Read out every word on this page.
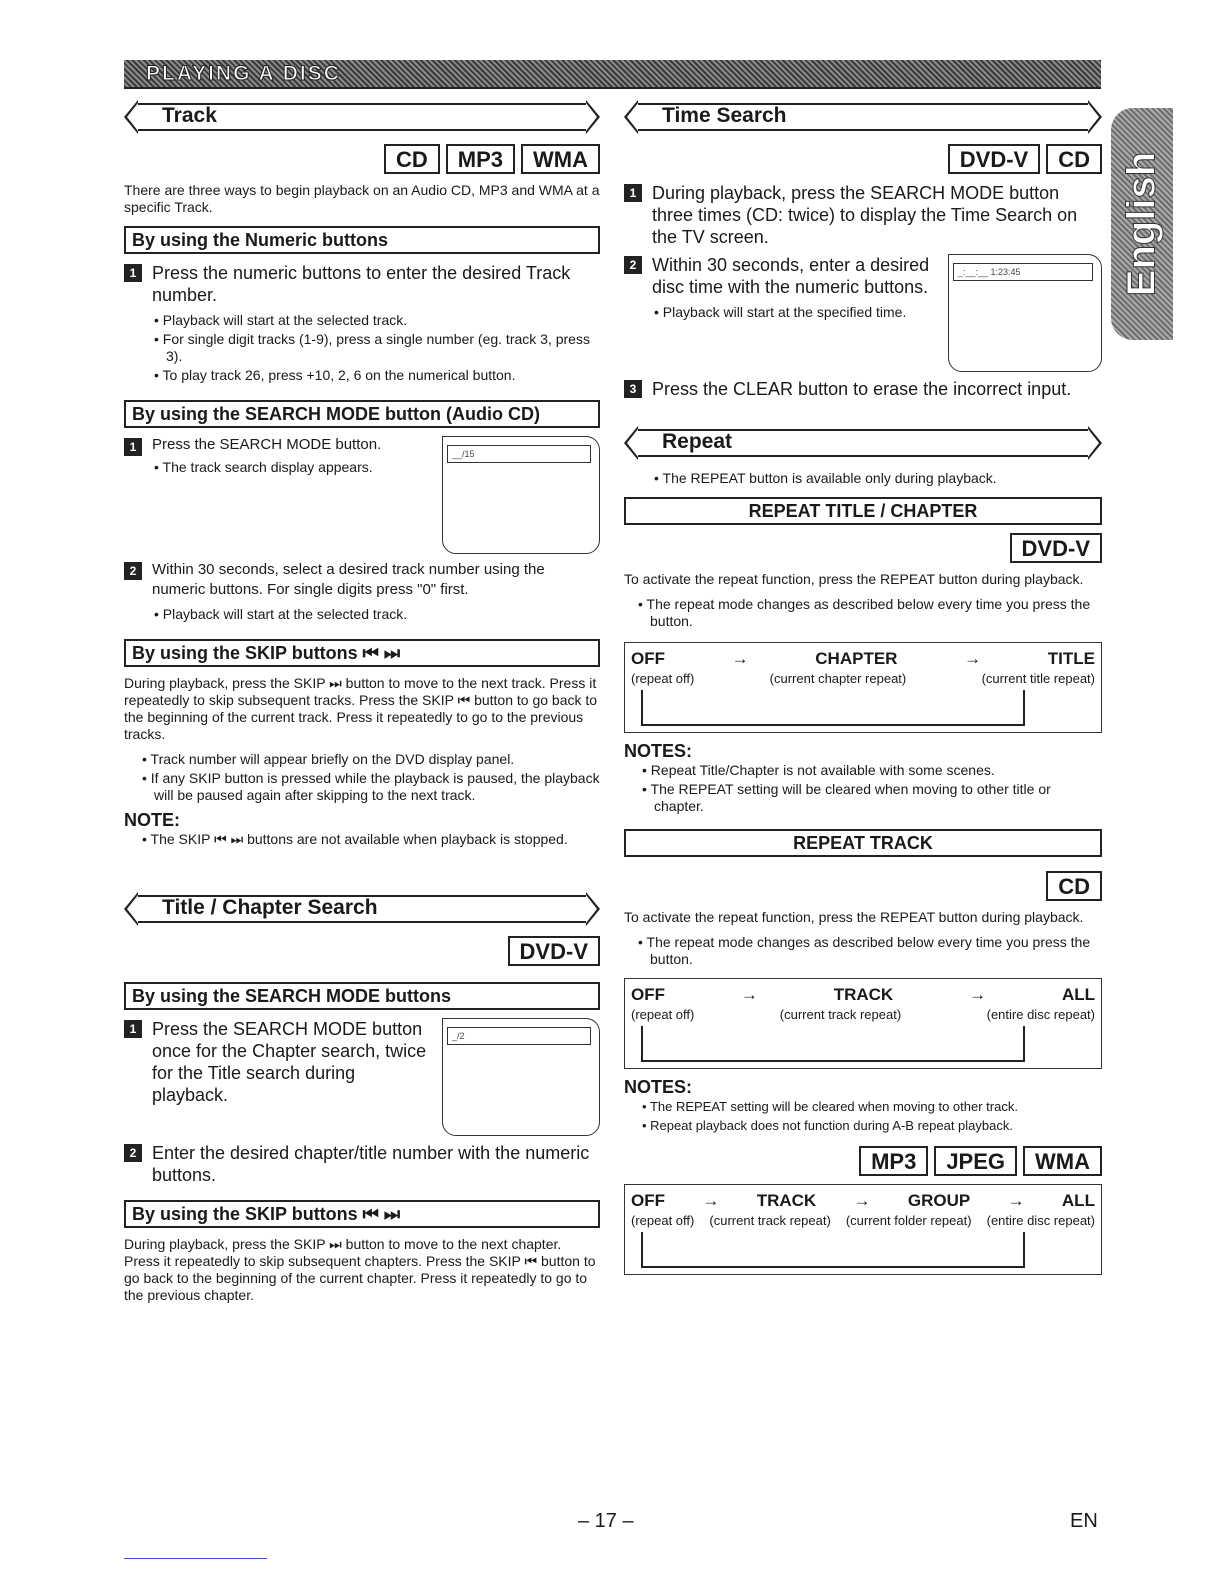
PLAYING A DISC
English
Track
CD MP3 WMA

There are three ways to begin playback on an Audio CD, MP3 and WMA at a specific Track.

By using the Numeric buttons
1 Press the numeric buttons to enter the desired Track number.
• Playback will start at the selected track.
• For single digit tracks (1-9), press a single number (eg. track 3, press 3).
• To play track 26, press +10, 2, 6 on the numerical button.
By using the SEARCH MODE button (Audio CD)
__/15
1	Press the SEARCH MODE button.
• The track search display appears.
2	Within 30 seconds, select a desired track number using the numeric buttons. For single digits press "0" first.
• Playback will start at the selected track.
By using the SKIP buttons ⏮ ⏭

During playback, press the SKIP ⏭ button to move to the next track. Press it repeatedly to skip subsequent tracks. Press the SKIP ⏮ button to go back to the beginning of the current track. Press it repeatedly to go to the previous tracks.

• Track number will appear briefly on the DVD display panel.
• If any SKIP button is pressed while the playback is paused, the playback will be paused again after skipping to the next track.
NOTE:
• The SKIP ⏮ ⏭ buttons are not available when playback is stopped.
Title / Chapter Search
DVD-V
By using the SEARCH MODE buttons
_/2
1 Press the SEARCH MODE button once for the Chapter search, twice for the Title search during playback.
2 Enter the desired chapter/title number with the numeric buttons.
By using the SKIP buttons ⏮ ⏭

During playback, press the SKIP ⏭ button to move to the next chapter. Press it repeatedly to skip subsequent chapters. Press the SKIP ⏮ button to go back to the beginning of the current chapter. Press it repeatedly to go to the previous chapter.

Time Search
DVD-V CD
1 During playback, press the SEARCH MODE button three times (CD: twice) to display the Time Search on the TV screen.
_:__:__ 1:23:45
2 Within 30 seconds, enter a desired disc time with the numeric buttons.
• Playback will start at the specified time.
3 Press the CLEAR button to erase the incorrect input.
Repeat
• The REPEAT button is available only during playback.
REPEAT TITLE / CHAPTER
DVD-V

To activate the repeat function, press the REPEAT button during playback.

• The repeat mode changes as described below every time you press the button.
OFF	→	CHAPTER	→	TITLE
(repeat off)	(current chapter repeat)	(current title repeat)
NOTES:
• Repeat Title/Chapter is not available with some scenes.
• The REPEAT setting will be cleared when moving to other title or chapter.
REPEAT TRACK
CD

To activate the repeat function, press the REPEAT button during playback.

• The repeat mode changes as described below every time you press the button.
OFF	→	TRACK	→	ALL
(repeat off)	(current track repeat)	(entire disc repeat)
NOTES:
• The REPEAT setting will be cleared when moving to other track.
• Repeat playback does not function during A-B repeat playback.
MP3 JPEG WMA
OFF → TRACK → GROUP → ALL
(repeat off) (current track repeat) (current folder repeat) (entire disc repeat)
– 17 –	EN
